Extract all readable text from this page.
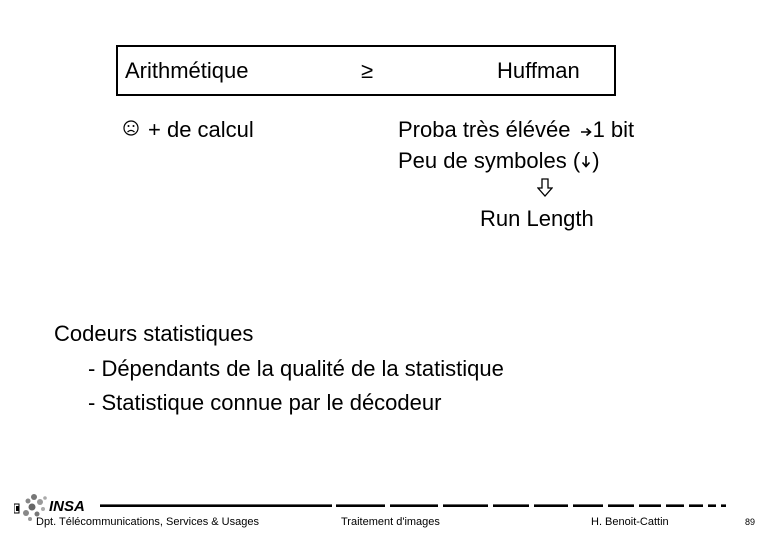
Arithmétique	≥	Huffman
+ de calcul	Proba très élévée 1 bit
Peu de symboles ( )
Run Length
Codeurs statistiques
- Dépendants de la qualité de la statistique
- Statistique connue par le décodeur
INSA
Dpt. Télécommunications, Services & Usages	Traitement d'images	H. Benoit-Cattin	89
